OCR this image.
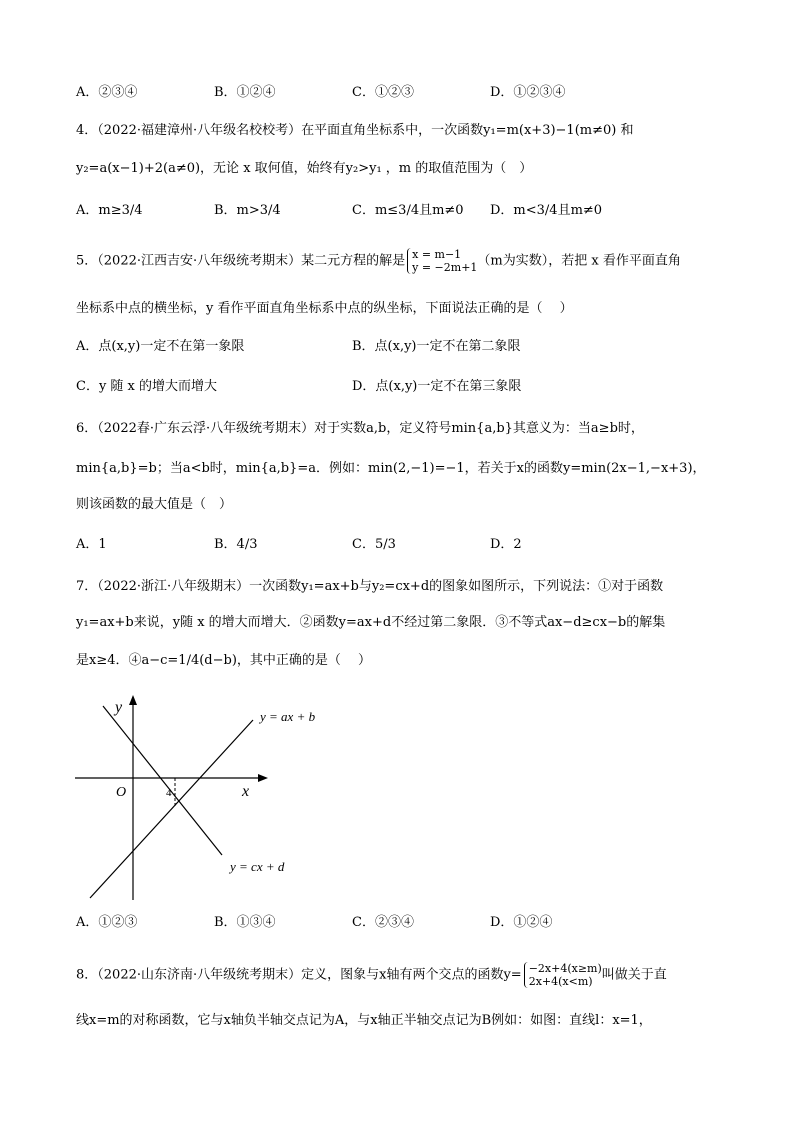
A．②③④	B．①②④	C．①②③	D．①②③④
4．（2022·福建漳州·八年级名校校考）在平面直角坐标系中，一次函数y₁=m(x+3)−1(m≠0) 和
y₂=a(x−1)+2(a≠0)，无论 x 取何值，始终有y₂>y₁ ，m 的取值范围为（　）
A．m≥3/4	B．m>3/4	C．m≤3/4且m≠0 D．m<3/4且m≠0
5．（2022·江西吉安·八年级统考期末）某二元方程的解是 x = m−1
y = −2m+1 （m为实数），若把 x 看作平面直角
坐标系中点的横坐标，y 看作平面直角坐标系中点的纵坐标，下面说法正确的是（　 ）
A．点(x,y)一定不在第一象限	B．点(x,y)一定不在第二象限
C．y 随 x 的增大而增大	D．点(x,y)一定不在第三象限
6．（2022春·广东云浮·八年级统考期末）对于实数a,b，定义符号min{a,b}其意义为：当a≥b时，
min{a,b}=b；当a<b时，min{a,b}=a．例如：min(2,−1)=−1，若关于x的函数y=min(2x−1,−x+3)，
则该函数的最大值是（　）
A．1	B．4/3	C．5/3	D．2
7．（2022·浙江·八年级期末）一次函数y₁=ax+b与y₂=cx+d的图象如图所示，下列说法：①对于函数
y₁=ax+b来说，y随 x 的增大而增大．②函数y=ax+d不经过第二象限．③不等式ax−d≥cx−b的解集
是x≥4．④a−c=1/4(d−b)，其中正确的是（　 ）
y
x
O	4
y = ax + b
y = cx + d
A．①②③	B．①③④	C．②③④	D．①②④
8．（2022·山东济南·八年级统考期末）定义，图象与x轴有两个交点的函数y= −2x+4(x≥m)
2x+4(x<m) 叫做关于直
线x=m的对称函数，它与x轴负半轴交点记为A，与x轴正半轴交点记为B例如：如图：直线l：x=1，
